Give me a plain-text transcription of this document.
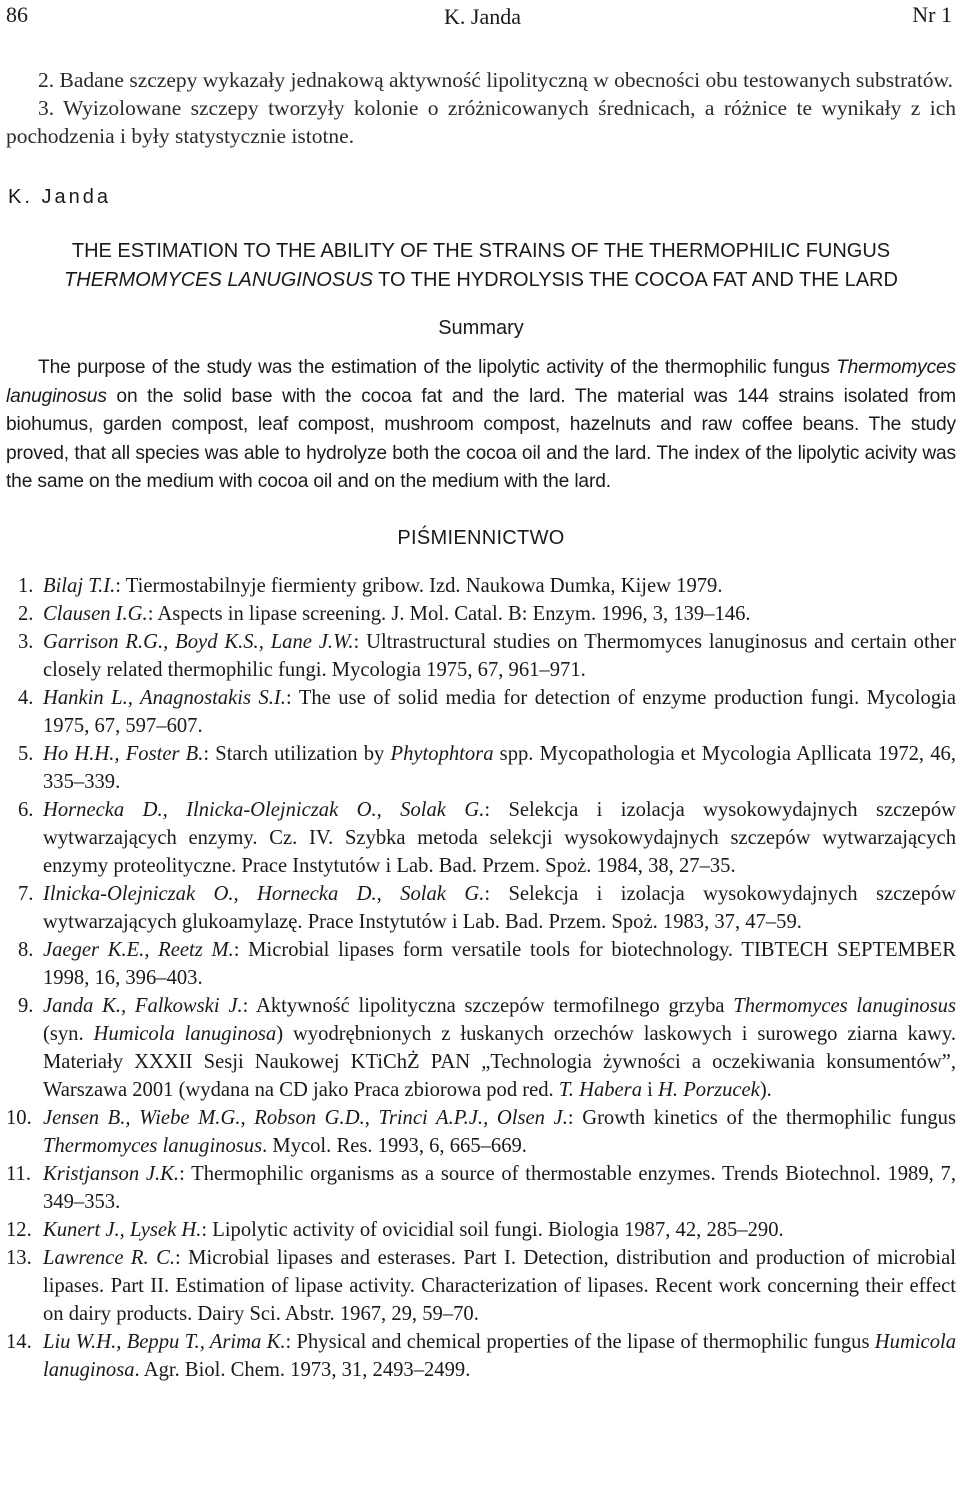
86	K. Janda	Nr 1

2. Badane szczepy wykazały jednakową aktywność lipolityczną w obecności obu testowanych substratów.

3. Wyizolowane szczepy tworzyły kolonie o zróżnicowanych średnicach, a różnice te wynikały z ich pochodzenia i były statystycznie istotne.

K. Janda
THE ESTIMATION TO THE ABILITY OF THE STRAINS OF THE THERMOPHILIC FUNGUS THERMOMYCES LANUGINOSUS TO THE HYDROLYSIS THE COCOA FAT AND THE LARD
Summary

The purpose of the study was the estimation of the lipolytic activity of the thermophilic fungus Thermomyces lanuginosus on the solid base with the cocoa fat and the lard. The material was 144 strains isolated from biohumus, garden compost, leaf compost, mushroom compost, hazelnuts and raw coffee beans. The study proved, that all species was able to hydrolyze both the cocoa oil and the lard. The index of the lipolytic acivity was the same on the medium with cocoa oil and on the medium with the lard.

PIŚMIENNICTWO
1. Bilaj T.I.: Tiermostabilnyje fiermienty gribow. Izd. Naukowa Dumka, Kijew 1979.
2. Clausen I.G.: Aspects in lipase screening. J. Mol. Catal. B: Enzym. 1996, 3, 139–146.
3. Garrison R.G., Boyd K.S., Lane J.W.: Ultrastructural studies on Thermomyces lanuginosus and certain other closely related thermophilic fungi. Mycologia 1975, 67, 961–971.
4. Hankin L., Anagnostakis S.I.: The use of solid media for detection of enzyme production fungi. Mycologia 1975, 67, 597–607.
5. Ho H.H., Foster B.: Starch utilization by Phytophtora spp. Mycopathologia et Mycologia Apllicata 1972, 46, 335–339.
6. Hornecka D., Ilnicka-Olejniczak O., Solak G.: Selekcja i izolacja wysokowydajnych szczepów wytwarzających enzymy. Cz. IV. Szybka metoda selekcji wysokowydajnych szczepów wytwarzających enzymy proteolityczne. Prace Instytutów i Lab. Bad. Przem. Spoż. 1984, 38, 27–35.
7. Ilnicka-Olejniczak O., Hornecka D., Solak G.: Selekcja i izolacja wysokowydajnych szczepów wytwarzających glukoamylazę. Prace Instytutów i Lab. Bad. Przem. Spoż. 1983, 37, 47–59.
8. Jaeger K.E., Reetz M.: Microbial lipases form versatile tools for biotechnology. TIBTECH SEPTEMBER 1998, 16, 396–403.
9. Janda K., Falkowski J.: Aktywność lipolityczna szczepów termofilnego grzyba Thermomyces lanuginosus (syn. Humicola lanuginosa) wyodrębnionych z łuskanych orzechów laskowych i surowego ziarna kawy. Materiały XXXII Sesji Naukowej KTiChŻ PAN „Technologia żywności a oczekiwania konsumentów”, Warszawa 2001 (wydana na CD jako Praca zbiorowa pod red. T. Habera i H. Porzucek).
10. Jensen B., Wiebe M.G., Robson G.D., Trinci A.P.J., Olsen J.: Growth kinetics of the thermophilic fungus Thermomyces lanuginosus. Mycol. Res. 1993, 6, 665–669.
11. Kristjanson J.K.: Thermophilic organisms as a source of thermostable enzymes. Trends Biotechnol. 1989, 7, 349–353.
12. Kunert J., Lysek H.: Lipolytic activity of ovicidial soil fungi. Biologia 1987, 42, 285–290.
13. Lawrence R. C.: Microbial lipases and esterases. Part I. Detection, distribution and production of microbial lipases. Part II. Estimation of lipase activity. Characterization of lipases. Recent work concerning their effect on dairy products. Dairy Sci. Abstr. 1967, 29, 59–70.
14. Liu W.H., Beppu T., Arima K.: Physical and chemical properties of the lipase of thermophilic fungus Humicola lanuginosa. Agr. Biol. Chem. 1973, 31, 2493–2499.
